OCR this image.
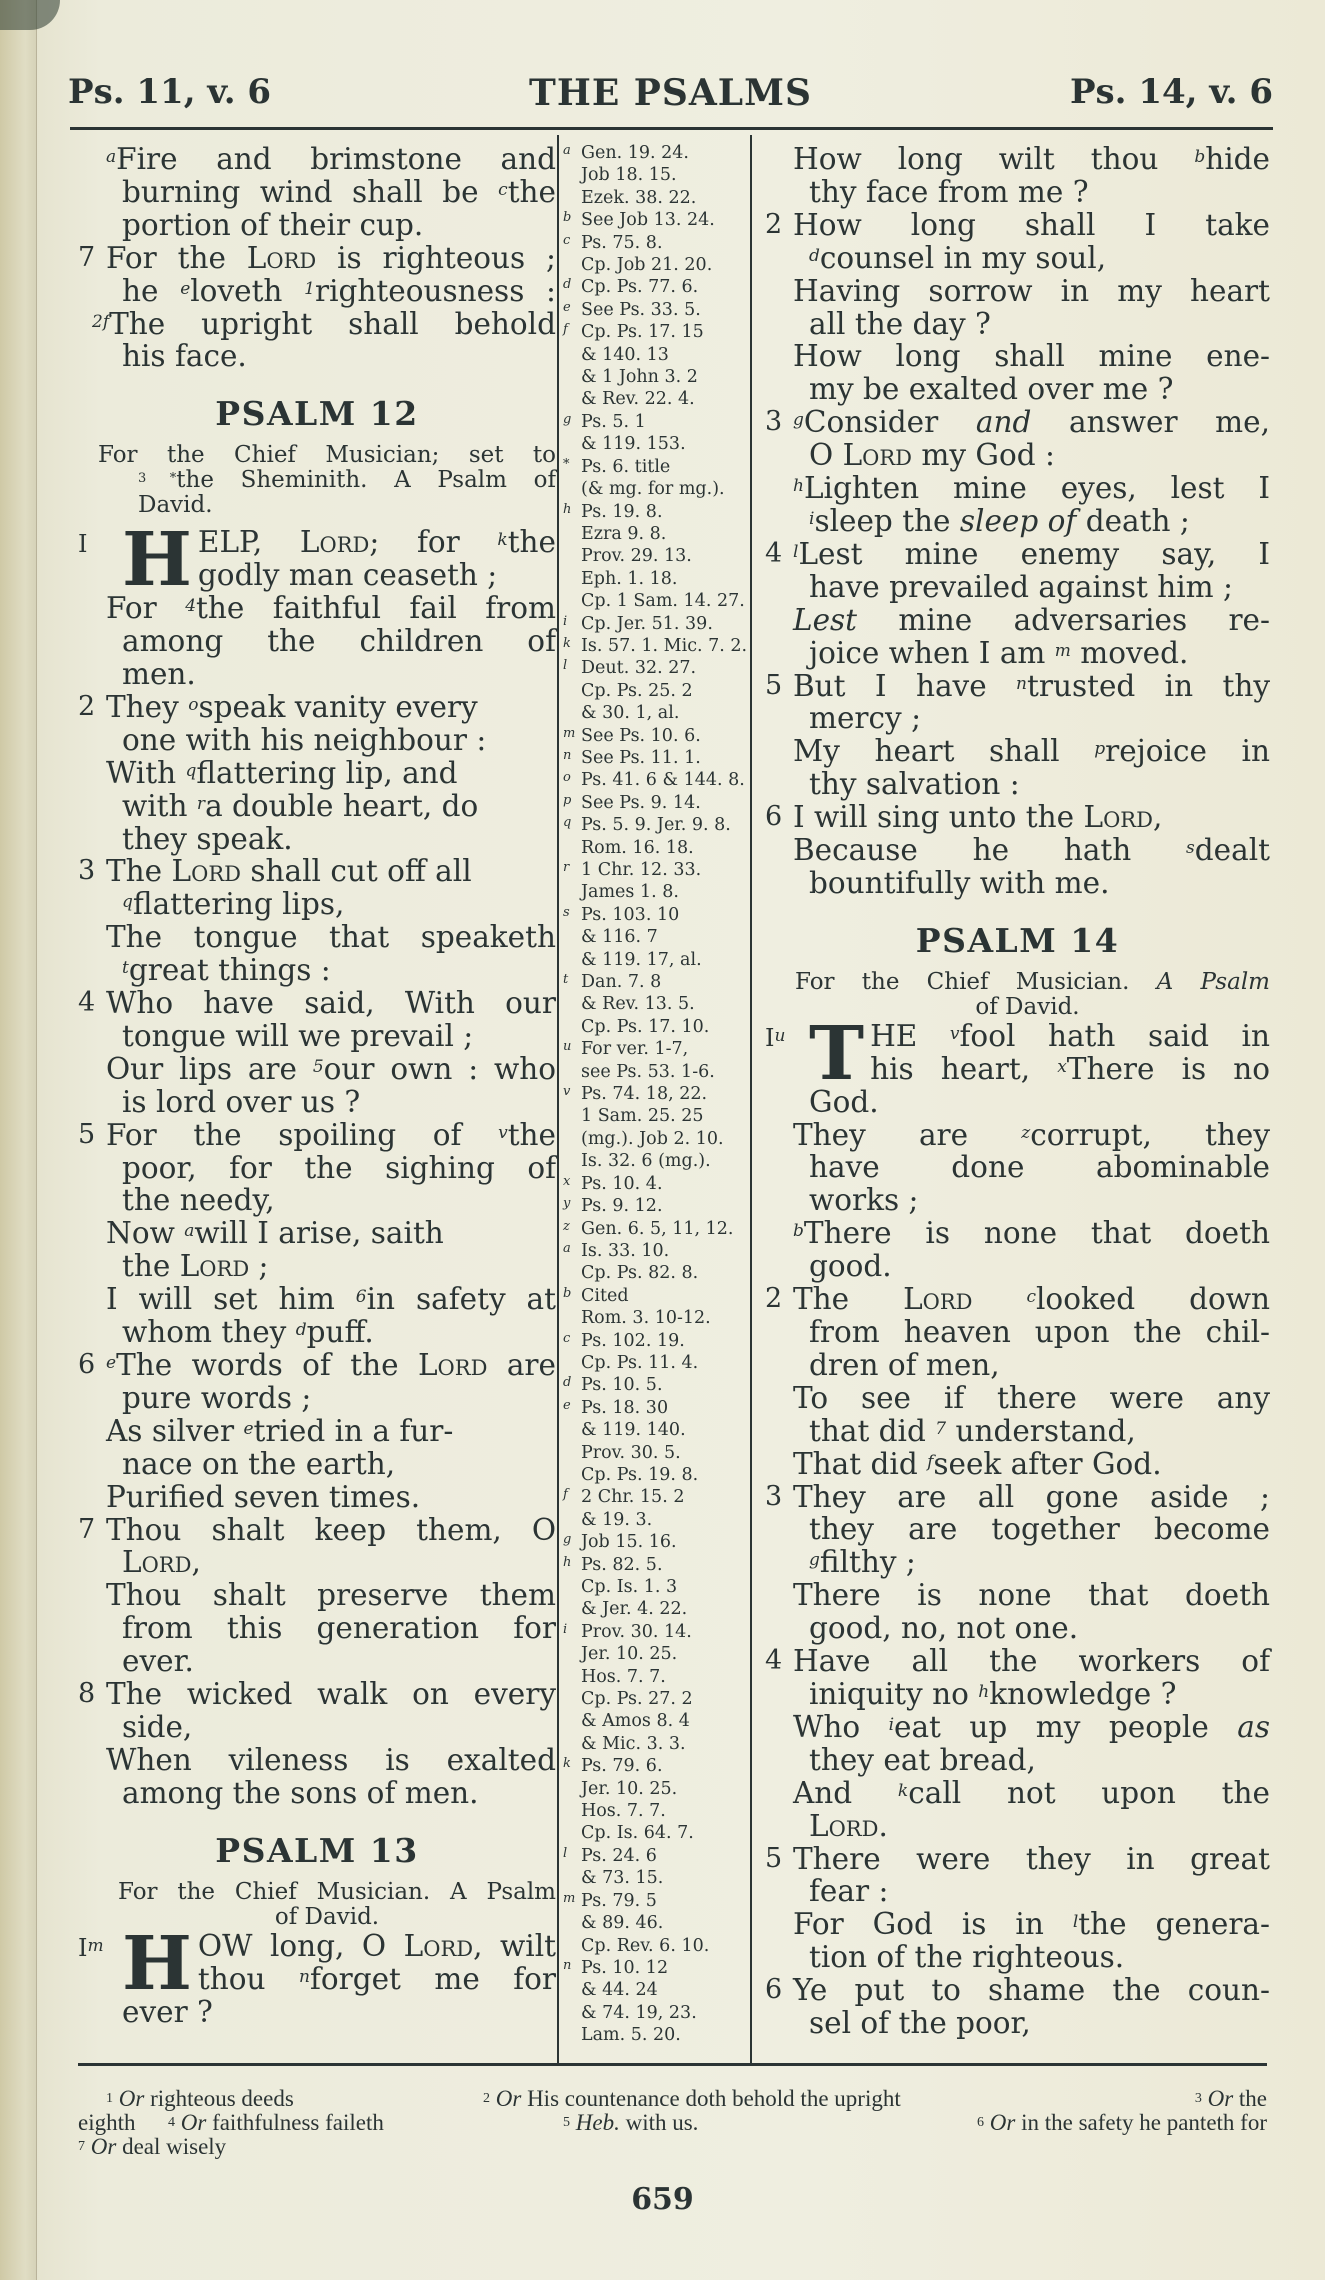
Ps. 11, v. 6	THE PSALMS	Ps. 14, v. 6
$^a$Fire and brimstone and
burning wind shall be $^c$the
portion of their cup.
7 For the Lord is righteous ;
he $^e$loveth $^1$righteousness :
$^{2f}$The upright shall behold
his face.
PSALM 12
For the Chief Musician; set to
$^{3 *}$the Sheminith. A Psalm of
David.
I H ELP, Lord; for $^k$the
godly man ceaseth ;
For $^4$the faithful fail from
among the children of
men.
2 They $^o$speak vanity every
one with his neighbour :
With $^q$flattering lip, and
with $^r$a double heart, do
they speak.
3 The Lord shall cut off all
$^q$flattering lips,
The tongue that speaketh
$^t$great things :
4 Who have said, With our
tongue will we prevail ;
Our lips are $^5$our own : who
is lord over us ?
5 For the spoiling of $^v$the
poor, for the sighing of
the needy,
Now $^a$will I arise, saith
the Lord ;
I will set him $^6$in safety at
whom they $^d$puff.
6 $^e$The words of the Lord are
pure words ;
As silver $^e$tried in a fur-
nace on the earth,
Purified seven times.
7 Thou shalt keep them, O
Lord,
Thou shalt preserve them
from this generation for
ever.
8 The wicked walk on every
side,
When vileness is exalted
among the sons of men.
PSALM 13
For the Chief Musician. A Psalm
of David.
$I^m$ H OW long, O Lord, wilt
thou $^n$forget me for
ever ?
a Gen. 19. 24.
Job 18. 15.
Ezek. 38. 22.
b See Job 13. 24.
c Ps. 75. 8.
Cp. Job 21. 20.
d Cp. Ps. 77. 6.
e See Ps. 33. 5.
f Cp. Ps. 17. 15
& 140. 13
& 1 John 3. 2
& Rev. 22. 4.
g Ps. 5. 1
& 119. 153.
* Ps. 6. title
(& mg. for mg.).
h Ps. 19. 8.
Ezra 9. 8.
Prov. 29. 13.
Eph. 1. 18.
Cp. 1 Sam. 14. 27.
i Cp. Jer. 51. 39.
k Is. 57. 1. Mic. 7. 2.
l Deut. 32. 27.
Cp. Ps. 25. 2
& 30. 1, al.
m See Ps. 10. 6.
n See Ps. 11. 1.
o Ps. 41. 6 & 144. 8.
p See Ps. 9. 14.
q Ps. 5. 9. Jer. 9. 8.
Rom. 16. 18.
r 1 Chr. 12. 33.
James 1. 8.
s Ps. 103. 10
& 116. 7
& 119. 17, al.
t Dan. 7. 8
& Rev. 13. 5.
Cp. Ps. 17. 10.
u For ver. 1-7,
see Ps. 53. 1-6.
v Ps. 74. 18, 22.
1 Sam. 25. 25
(mg.). Job 2. 10.
Is. 32. 6 (mg.).
x Ps. 10. 4.
y Ps. 9. 12.
z Gen. 6. 5, 11, 12.
a Is. 33. 10.
Cp. Ps. 82. 8.
b Cited
Rom. 3. 10-12.
c Ps. 102. 19.
Cp. Ps. 11. 4.
d Ps. 10. 5.
e Ps. 18. 30
& 119. 140.
Prov. 30. 5.
Cp. Ps. 19. 8.
f 2 Chr. 15. 2
& 19. 3.
g Job 15. 16.
h Ps. 82. 5.
Cp. Is. 1. 3
& Jer. 4. 22.
i Prov. 30. 14.
Jer. 10. 25.
Hos. 7. 7.
Cp. Ps. 27. 2
& Amos 8. 4
& Mic. 3. 3.
k Ps. 79. 6.
Jer. 10. 25.
Hos. 7. 7.
Cp. Is. 64. 7.
l Ps. 24. 6
& 73. 15.
m Ps. 79. 5
& 89. 46.
Cp. Rev. 6. 10.
n Ps. 10. 12
& 44. 24
& 74. 19, 23.
Lam. 5. 20.
How long wilt thou $^b$hide
thy face from me ?
2 How long shall I take
$^d$counsel in my soul,
Having sorrow in my heart
all the day ?
How long shall mine ene-
my be exalted over me ?
3 $^g$Consider and answer me,
O Lord my God :
$^h$Lighten mine eyes, lest I
$^i$sleep the sleep of death ;
4 $^l$Lest mine enemy say, I
have prevailed against him ;
Lest mine adversaries re-
joice when I am $^m$ moved.
5 But I have $^n$trusted in thy
mercy ;
My heart shall $^p$rejoice in
thy salvation :
6 I will sing unto the Lord,
Because he hath $^s$dealt
bountifully with me.
PSALM 14
For the Chief Musician. A Psalm
of David.
$I^u$ T HE $^v$fool hath said in
his heart, $^x$There is no
God.
They are $^z$corrupt, they
have done abominable
works ;
$^b$There is none that doeth
good.
2 The Lord	$^c$looked down
from heaven upon the chil-
dren of men,
To see if there were any
that did $^7$ understand,
That did $^f$seek after God.
3 They are all gone aside ;
they are together become
$^g$filthy ;
There is none that doeth
good, no, not one.
4 Have all the workers of
iniquity no $^h$knowledge ?
Who $^i$eat up my people as
they eat bread,
And $^k$call not upon the
Lord.
5 There were they in great
fear :
For God is in $^l$the genera-
tion of the righteous.
6 Ye put to shame the coun-
sel of the poor,
$^1$ Or righteous deeds	$^2$ Or His countenance doth behold the upright	$^3$ Or the
eighth $^4$ Or faithfulness faileth	$^5$ Heb. with us.	$^6$ Or in the safety he panteth for
$^7$ Or deal wisely
659
